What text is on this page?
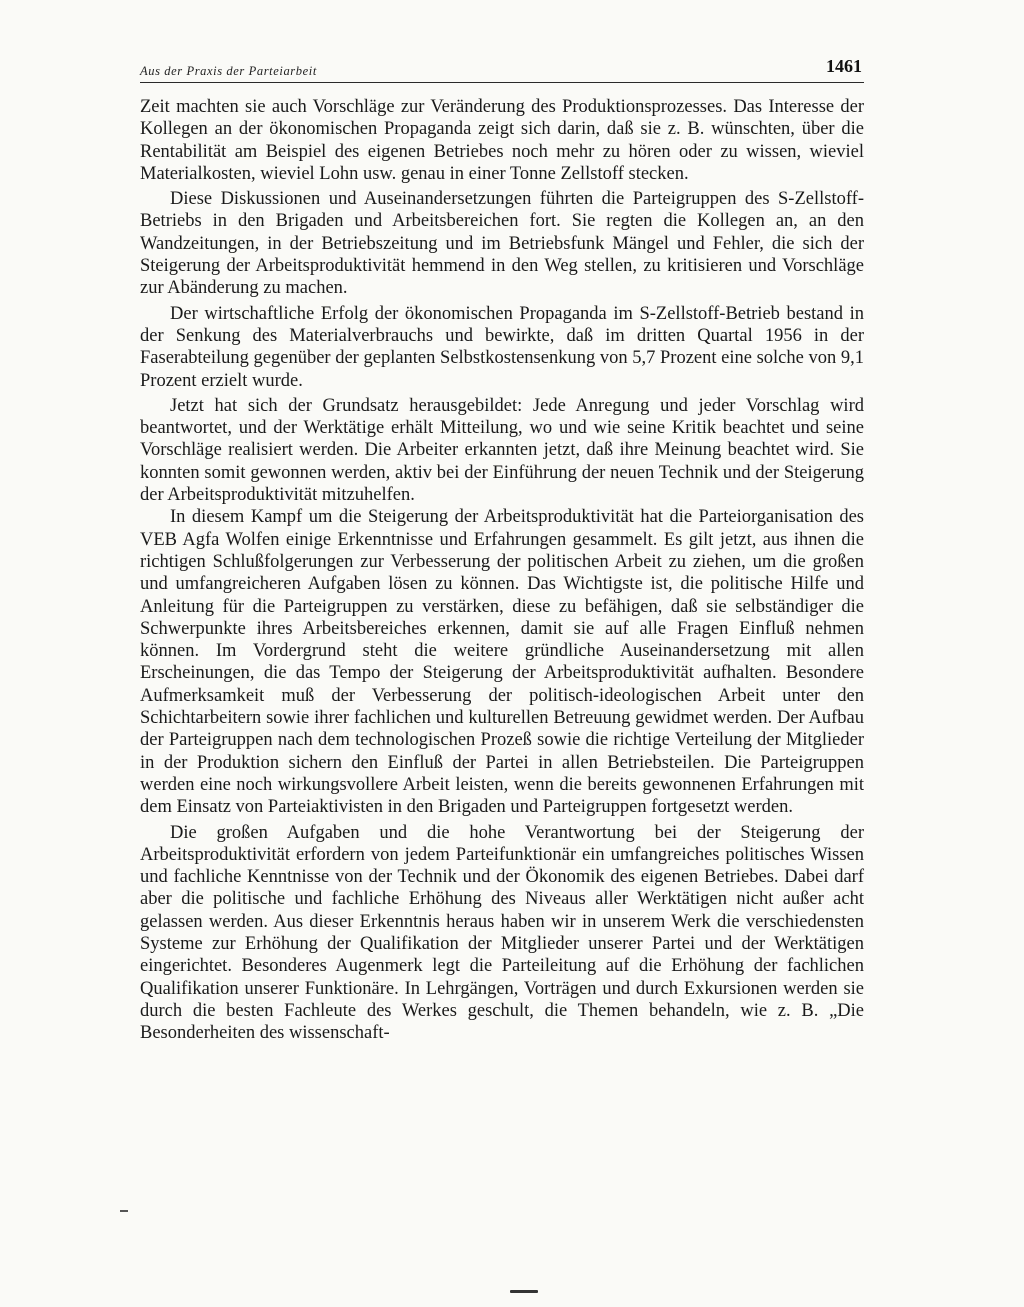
Aus der Praxis der Parteiarbeit	1461

Zeit machten sie auch Vorschläge zur Veränderung des Produktionsprozesses. Das Interesse der Kollegen an der ökonomischen Propaganda zeigt sich darin, daß sie z. B. wünschten, über die Rentabilität am Beispiel des eigenen Betriebes noch mehr zu hören oder zu wissen, wieviel Materialkosten, wieviel Lohn usw. genau in einer Tonne Zellstoff stecken.

Diese Diskussionen und Auseinandersetzungen führten die Parteigruppen des S-Zellstoff-Betriebs in den Brigaden und Arbeitsbereichen fort. Sie regten die Kollegen an, an den Wandzeitungen, in der Betriebszeitung und im Betriebsfunk Mängel und Fehler, die sich der Steigerung der Arbeitsproduktivität hemmend in den Weg stellen, zu kritisieren und Vorschläge zur Abänderung zu machen.

Der wirtschaftliche Erfolg der ökonomischen Propaganda im S-Zellstoff-Betrieb bestand in der Senkung des Materialverbrauchs und bewirkte, daß im dritten Quartal 1956 in der Faserabteilung gegenüber der geplanten Selbstkostensenkung von 5,7 Prozent eine solche von 9,1 Prozent erzielt wurde.

Jetzt hat sich der Grundsatz herausgebildet: Jede Anregung und jeder Vorschlag wird beantwortet, und der Werktätige erhält Mitteilung, wo und wie seine Kritik beachtet und seine Vorschläge realisiert werden. Die Arbeiter erkannten jetzt, daß ihre Meinung beachtet wird. Sie konnten somit gewonnen werden, aktiv bei der Einführung der neuen Technik und der Steigerung der Arbeitsproduktivität mitzuhelfen.

In diesem Kampf um die Steigerung der Arbeitsproduktivität hat die Parteiorganisation des VEB Agfa Wolfen einige Erkenntnisse und Erfahrungen gesammelt. Es gilt jetzt, aus ihnen die richtigen Schlußfolgerungen zur Verbesserung der politischen Arbeit zu ziehen, um die großen und umfangreicheren Aufgaben lösen zu können. Das Wichtigste ist, die politische Hilfe und Anleitung für die Parteigruppen zu verstärken, diese zu befähigen, daß sie selbständiger die Schwerpunkte ihres Arbeitsbereiches erkennen, damit sie auf alle Fragen Einfluß nehmen können. Im Vordergrund steht die weitere gründliche Auseinandersetzung mit allen Erscheinungen, die das Tempo der Steigerung der Arbeitsproduktivität aufhalten. Besondere Aufmerksamkeit muß der Verbesserung der politisch-ideologischen Arbeit unter den Schichtarbeitern sowie ihrer fachlichen und kulturellen Betreuung gewidmet werden. Der Aufbau der Parteigruppen nach dem technologischen Prozeß sowie die richtige Verteilung der Mitglieder in der Produktion sichern den Einfluß der Partei in allen Betriebsteilen. Die Parteigruppen werden eine noch wirkungsvollere Arbeit leisten, wenn die bereits gewonnenen Erfahrungen mit dem Einsatz von Parteiaktivisten in den Brigaden und Parteigruppen fortgesetzt werden.

Die großen Aufgaben und die hohe Verantwortung bei der Steigerung der Arbeitsproduktivität erfordern von jedem Parteifunktionär ein umfangreiches politisches Wissen und fachliche Kenntnisse von der Technik und der Ökonomik des eigenen Betriebes. Dabei darf aber die politische und fachliche Erhöhung des Niveaus aller Werktätigen nicht außer acht gelassen werden. Aus dieser Erkenntnis heraus haben wir in unserem Werk die verschiedensten Systeme zur Erhöhung der Qualifikation der Mitglieder unserer Partei und der Werktätigen eingerichtet. Besonderes Augenmerk legt die Parteileitung auf die Erhöhung der fachlichen Qualifikation unserer Funktionäre. In Lehrgängen, Vorträgen und durch Exkursionen werden sie durch die besten Fachleute des Werkes geschult, die Themen behandeln, wie z. B. „Die Besonderheiten des wissenschaft-
